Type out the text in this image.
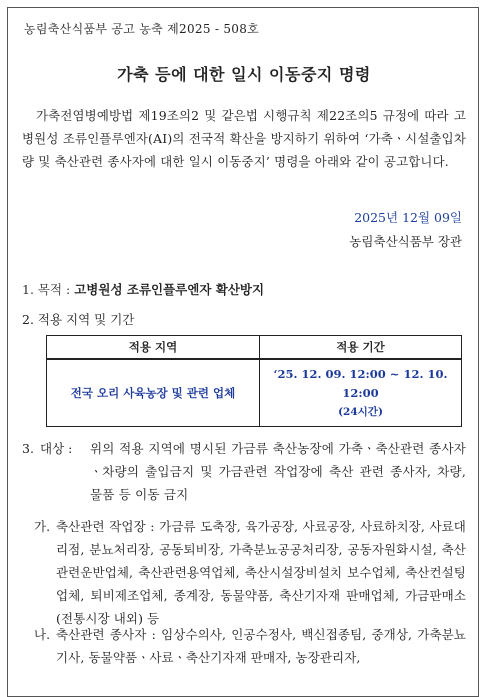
농림축산식품부 공고 농축 제2025 - 508호
가축 등에 대한 일시 이동중지 명령
가축전염병예방법 제19조의2 및 같은법 시행규칙 제22조의5 규정에 따라 고병원성 조류인플루엔자(AI)의 전국적 확산을 방지하기 위하여 ‘가축ㆍ시설출입차량 및 축산관련 종사자에 대한 일시 이동중지’ 명령을 아래와 같이 공고합니다.
2025년 12월 09일
농림축산식품부 장관
1. 목적 : 고병원성 조류인플루엔자 확산방지
2. 적용 지역 및 기간
적용 지역	적용 기간
전국 오리 사육농장 및 관련 업체	‘25. 12. 09. 12:00 ~ 12. 10. 12:00
(24시간)
3. 대상 : 위의 적용 지역에 명시된 가금류 축산농장에 가축ㆍ축산관련 종사자ㆍ차량의 출입금지 및 가금관련 작업장에 축산 관련 종사자, 차량, 물품 등 이동 금지
가. 축산관련 작업장 : 가금류 도축장, 육가공장, 사료공장, 사료하치장, 사료대리점, 분뇨처리장, 공동퇴비장, 가축분뇨공공처리장, 공동자원화시설, 축산관련운반업체, 축산관련용역업체, 축산시설장비설치 보수업체, 축산컨설팅업체, 퇴비제조업체, 종계장, 동물약품, 축산기자재 판매업체, 가금판매소(전통시장 내외) 등
나. 축산관련 종사자 : 임상수의사, 인공수정사, 백신접종팀, 중개상, 가축분뇨 기사, 동물약품ㆍ사료ㆍ축산기자재 판매자, 농장관리자,
